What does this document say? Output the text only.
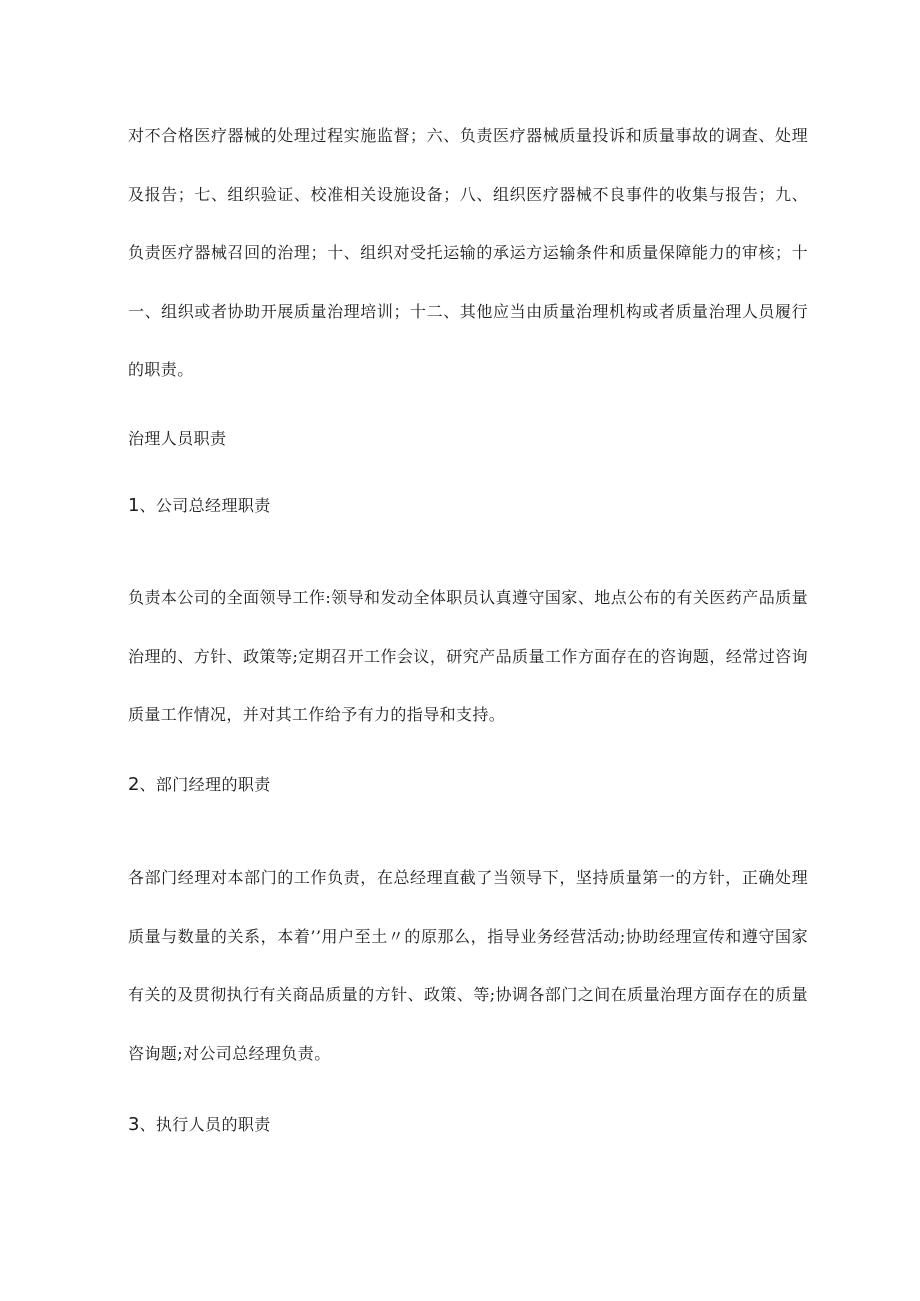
对不合格医疗器械的处理过程实施监督；六、负责医疗器械质量投诉和质量事故的调查、处理及报告；七、组织验证、校准相关设施设备；八、组织医疗器械不良事件的收集与报告；九、负责医疗器械召回的治理；十、组织对受托运输的承运方运输条件和质量保障能力的审核；十一、组织或者协助开展质量治理培训；十二、其他应当由质量治理机构或者质量治理人员履行的职责。

治理人员职责

1、公司总经理职责

负责本公司的全面领导工作:领导和发动全体职员认真遵守国家、地点公布的有关医药产品质量治理的、方针、政策等;定期召开工作会议，研究产品质量工作方面存在的咨询题，经常过咨询质量工作情况，并对其工作给予有力的指导和支持。

2、部门经理的职责

各部门经理对本部门的工作负责，在总经理直截了当领导下，坚持质量第一的方针，正确处理质量与数量的关系，本着’’用户至土〃的原那么，指导业务经营活动;协助经理宣传和遵守国家有关的及贯彻执行有关商品质量的方针、政策、等;协调各部门之间在质量治理方面存在的质量咨询题;对公司总经理负责。

3、执行人员的职责
